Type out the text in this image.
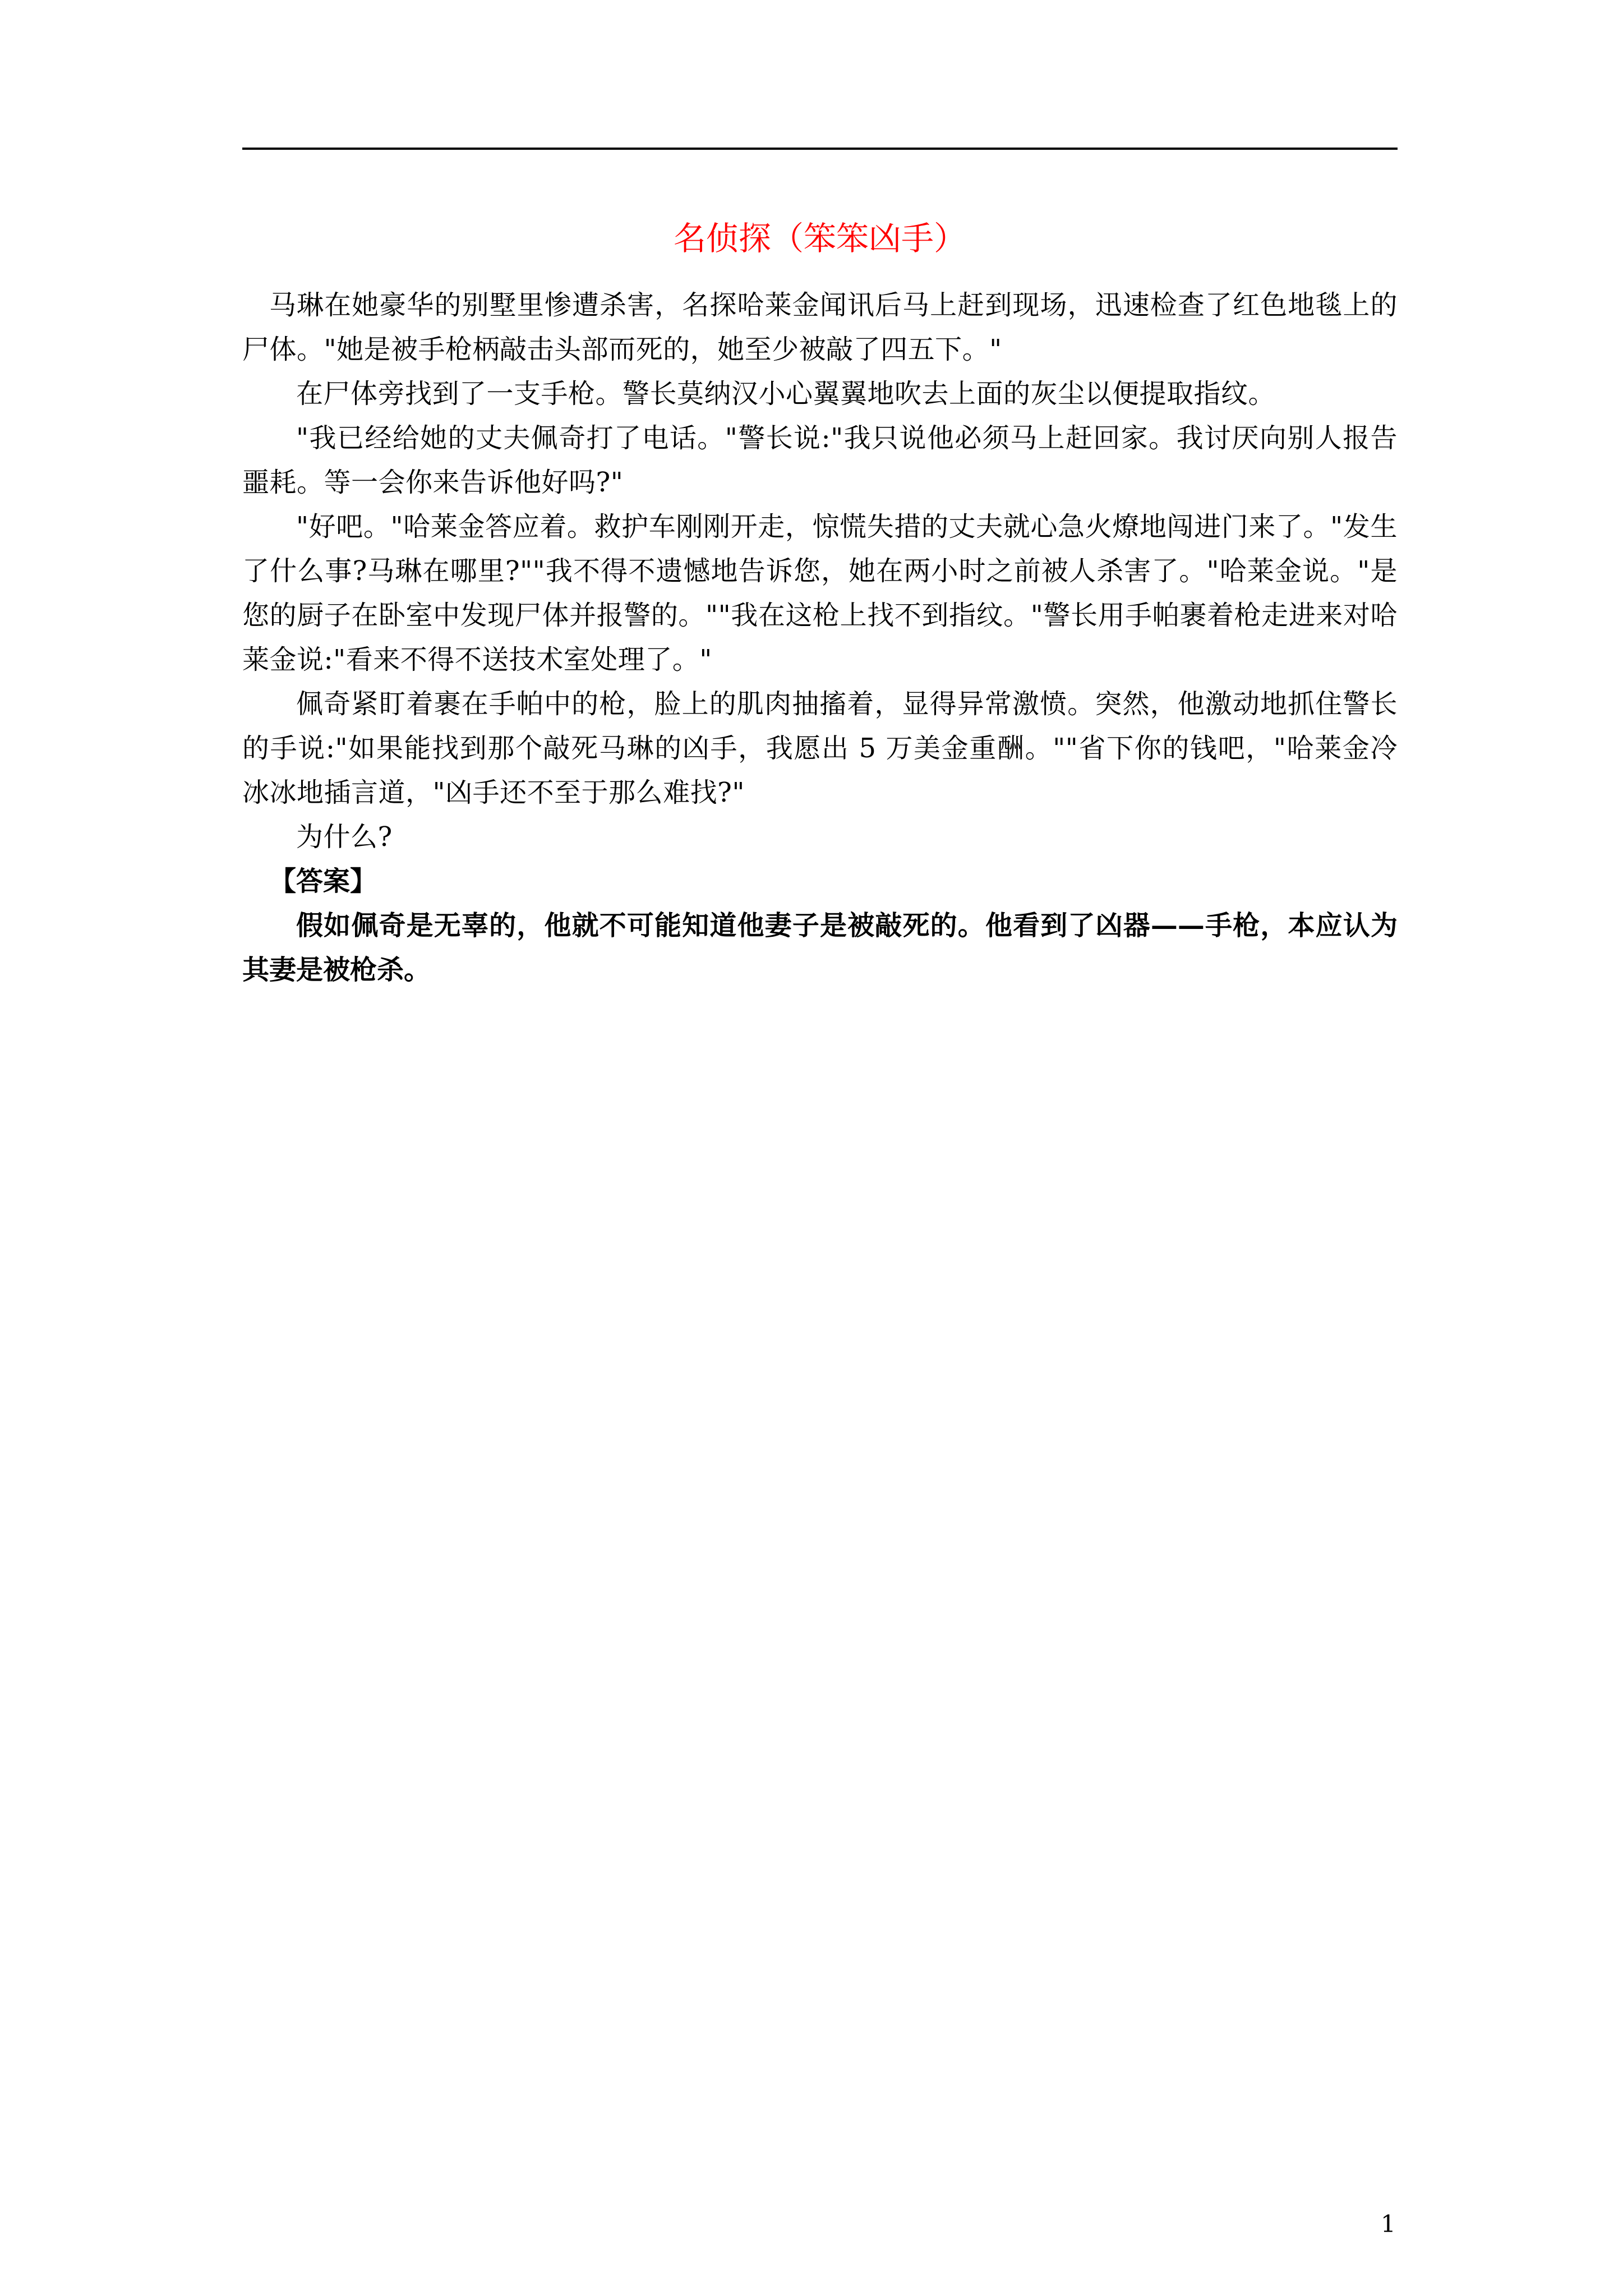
名侦探（笨笨凶手）

马琳在她豪华的别墅里惨遭杀害，名探哈莱金闻讯后马上赶到现场，迅速检查了红色地毯上的尸体。"她是被手枪柄敲击头部而死的，她至少被敲了四五下。"

在尸体旁找到了一支手枪。警长莫纳汉小心翼翼地吹去上面的灰尘以便提取指纹。

"我已经给她的丈夫佩奇打了电话。"警长说:"我只说他必须马上赶回家。我讨厌向别人报告噩耗。等一会你来告诉他好吗?"

"好吧。"哈莱金答应着。救护车刚刚开走，惊慌失措的丈夫就心急火燎地闯进门来了。"发生了什么事?马琳在哪里?""我不得不遗憾地告诉您，她在两小时之前被人杀害了。"哈莱金说。"是您的厨子在卧室中发现尸体并报警的。""我在这枪上找不到指纹。"警长用手帕裹着枪走进来对哈莱金说:"看来不得不送技术室处理了。"

佩奇紧盯着裹在手帕中的枪，脸上的肌肉抽搐着，显得异常激愤。突然，他激动地抓住警长的手说:"如果能找到那个敲死马琳的凶手，我愿出 5 万美金重酬。""省下你的钱吧，"哈莱金冷冰冰地插言道，"凶手还不至于那么难找?"

为什么?

【答案】

假如佩奇是无辜的，他就不可能知道他妻子是被敲死的。他看到了凶器——手枪，本应认为其妻是被枪杀。

1
